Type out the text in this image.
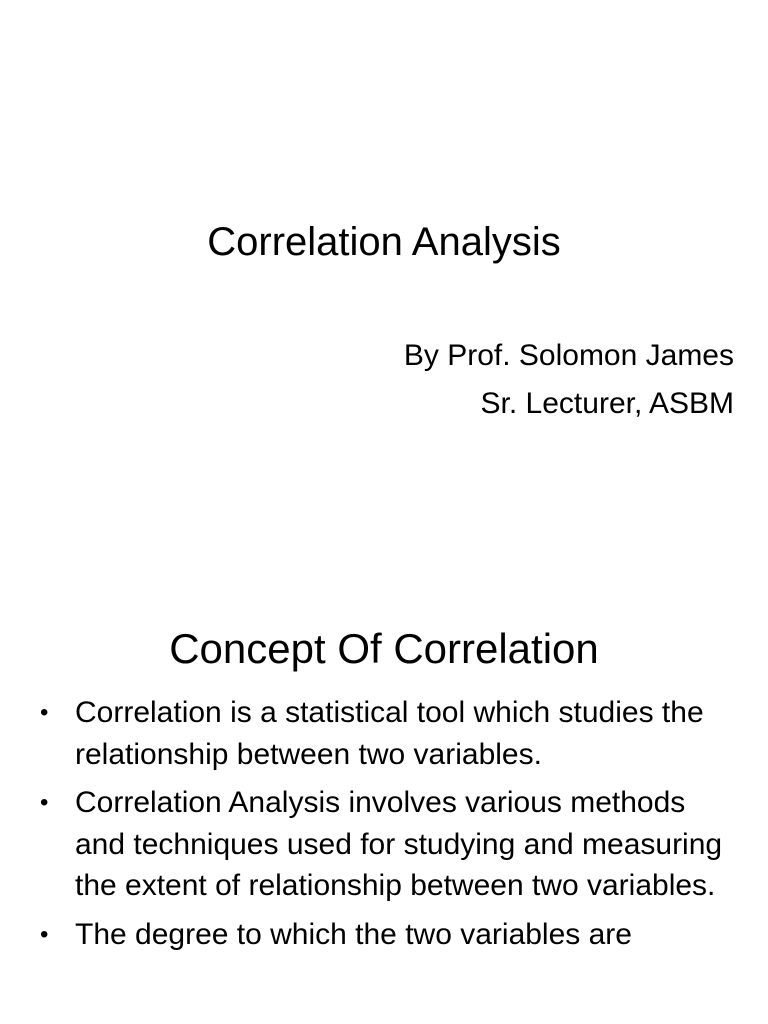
Correlation Analysis
By Prof. Solomon James
Sr. Lecturer, ASBM
Concept Of Correlation
• Correlation is a statistical tool which studies the relationship between two variables.
• Correlation Analysis involves various methods and techniques used for studying and measuring the extent of relationship between two variables.
• The degree to which the two variables are
